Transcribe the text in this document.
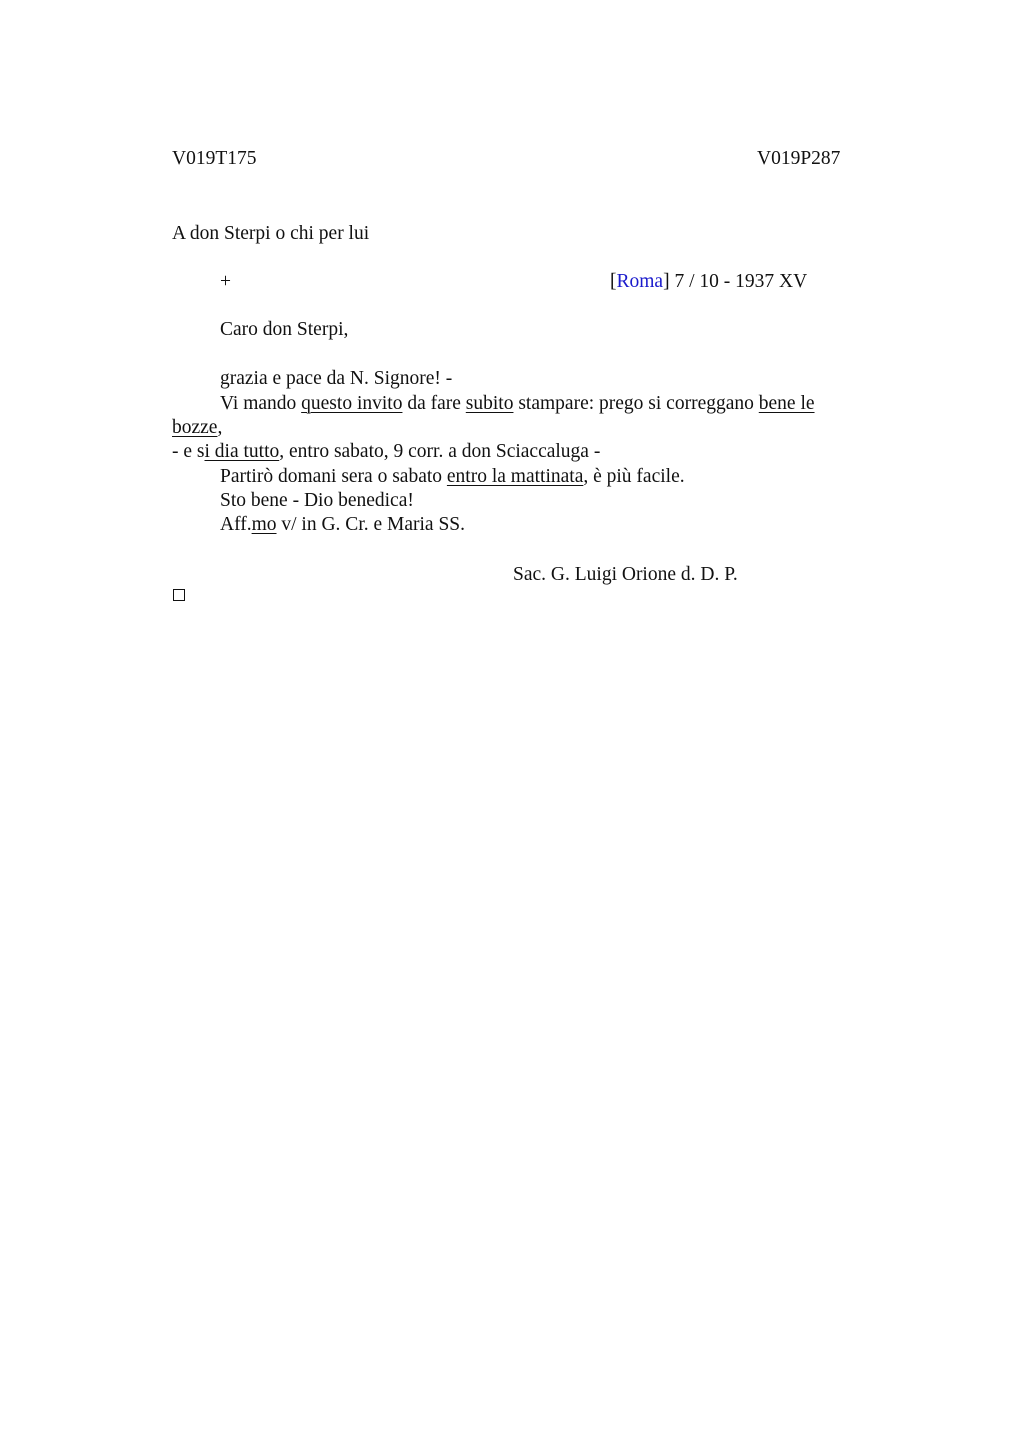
V019T175	V019P287
A don Sterpi o chi per lui
+	[Roma] 7 / 10 - 1937 XV
Caro don Sterpi,
grazia e pace da N. Signore! -
Vi mando questo invito da fare subito stampare: prego si correggano bene le
bozze,
- e si dia tutto, entro sabato, 9 corr. a don Sciaccaluga -
Partirò domani sera o sabato entro la mattinata, è più facile.
Sto bene - Dio benedica!
Aff.mo v/ in G. Cr. e Maria SS.
Sac. G. Luigi Orione d. D. P.
